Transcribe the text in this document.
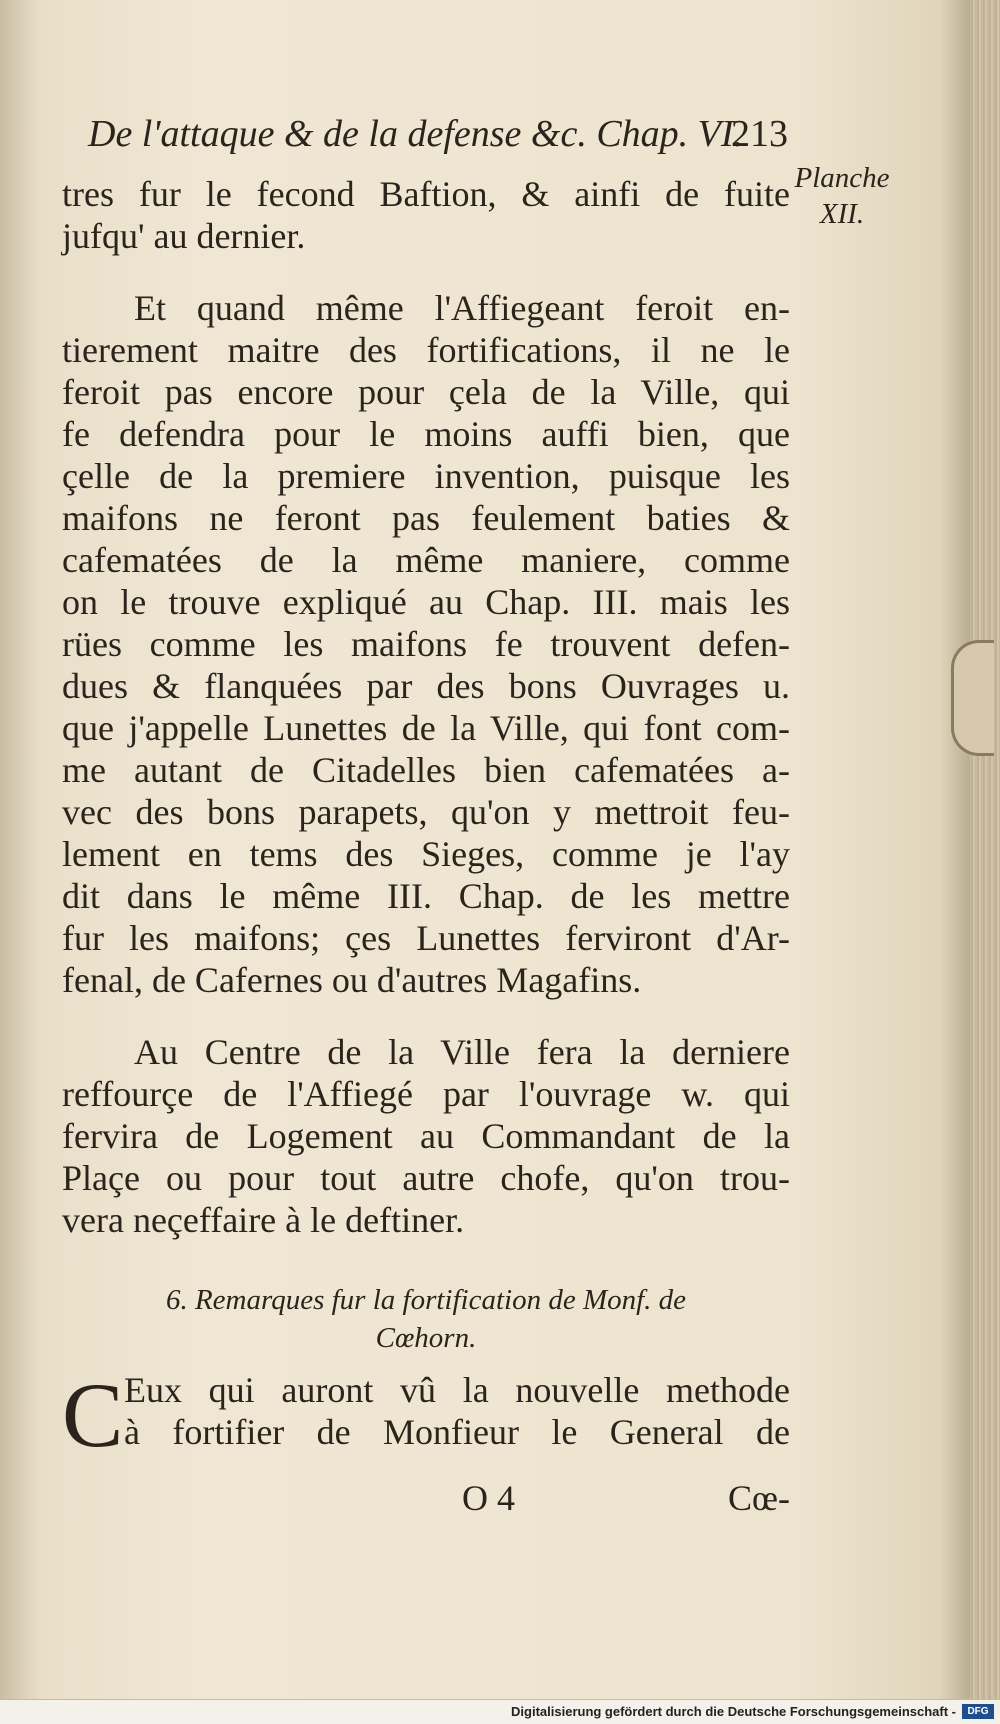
De l'attaque & de la defense &c. Chap. VI.
213
Planche
XII.
tres fur le fecond Baftion, & ainfi de fuite
jufqu' au dernier.
Et quand même l'Affiegeant feroit en-
tierement maitre des fortifications, il ne le
feroit pas encore pour çela de la Ville, qui
fe defendra pour le moins auffi bien, que
çelle de la premiere invention, puisque les
maifons ne feront pas feulement baties &
cafematées de la même maniere, comme
on le trouve expliqué au Chap. III. mais les
rües comme les maifons fe trouvent defen-
dues & flanquées par des bons Ouvrages u.
que j'appelle Lunettes de la Ville, qui font com-
me autant de Citadelles bien cafematées a-
vec des bons parapets, qu'on y mettroit feu-
lement en tems des Sieges, comme je l'ay
dit dans le même III. Chap. de les mettre
fur les maifons; çes Lunettes ferviront d'Ar-
fenal, de Cafernes ou d'autres Magafins.
Au Centre de la Ville fera la derniere
reffourçe de l'Affiegé par l'ouvrage w. qui
fervira de Logement au Commandant de la
Plaçe ou pour tout autre chofe, qu'on trou-
vera neçeffaire à le deftiner.
6. Remarques fur la fortification de Monf. de
Cœhorn.
C Eux qui auront vû la nouvelle methode
à fortifier de Monfieur le General de
O 4	Cœ-
Digitalisierung gefördert durch die Deutsche Forschungsgemeinschaft -	DFG
